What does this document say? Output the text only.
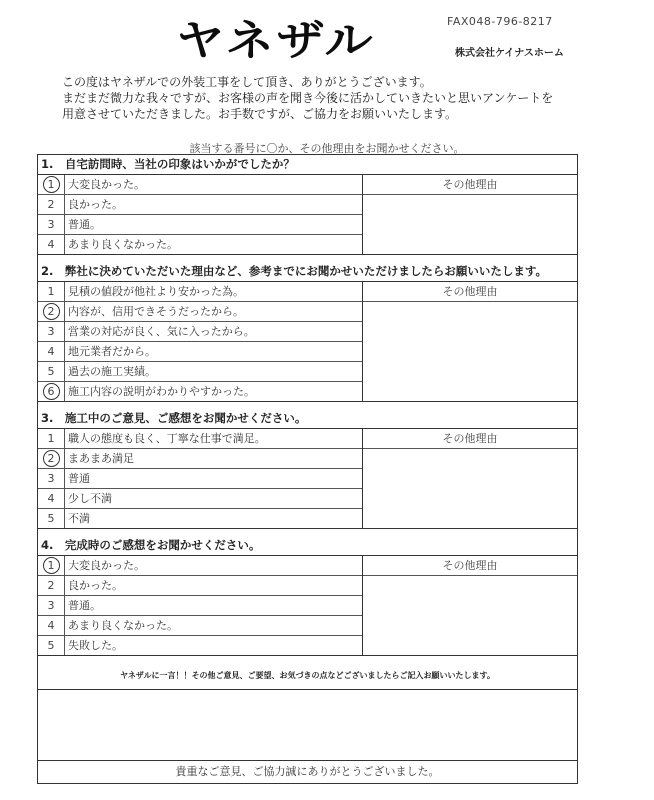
ヤネザル	FAX048-796-8217
株式会社ケイナスホーム
この度はヤネザルでの外装工事をして頂き、ありがとうございます。
まだまだ微力な我々ですが、お客様の声を聞き今後に活かしていきたいと思いアンケートを
用意させていただきました。お手数ですが、ご協力をお願いいたします。
該当する番号に〇か、その他理由をお聞かせください。
1.　自宅訪問時、当社の印象はいかがでしたか？
1	大変良かった。
2	良かった。
3	普通。
4	あまり良くなかった。
その他理由
2.　弊社に決めていただいた理由など、参考までにお聞かせいただけましたらお願いいたします。
1	見積の値段が他社より安かった為。
2	内容が、信用できそうだったから。
3	営業の対応が良く、気に入ったから。
4	地元業者だから。
5	過去の施工実績。
6	施工内容の説明がわかりやすかった。
その他理由
3.　施工中のご意見、ご感想をお聞かせください。
1	職人の態度も良く、丁寧な仕事で満足。
2	まあまあ満足
3	普通
4	少し不満
5	不満
その他理由
4.　完成時のご感想をお聞かせください。
1	大変良かった。
2	良かった。
3	普通。
4	あまり良くなかった。
5	失敗した。
その他理由
ヤネザルに一言！！その他ご意見、ご要望、お気づきの点などございましたらご記入お願いいたします。
貴重なご意見、ご協力誠にありがとうございました。
